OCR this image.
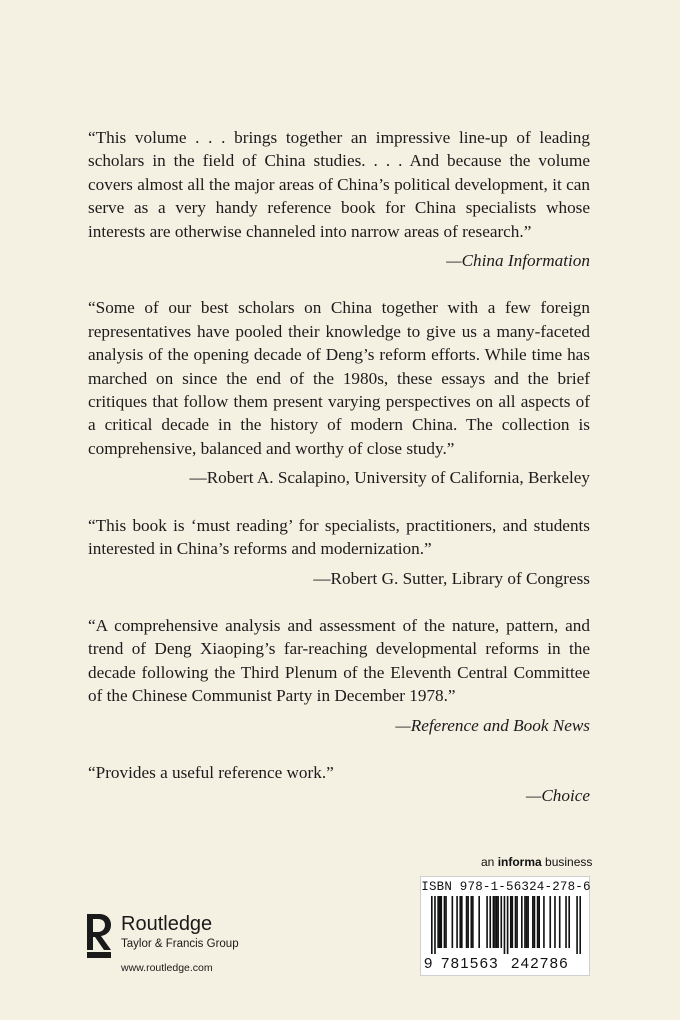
“This volume . . . brings together an impressive line-up of leading scholars in the field of China studies. . . . And because the volume covers almost all the major areas of China’s political development, it can serve as a very handy reference book for China specialists whose interests are otherwise channeled into narrow areas of research.”

—China Information

“Some of our best scholars on China together with a few foreign representatives have pooled their knowledge to give us a many-faceted analysis of the opening decade of Deng’s reform efforts. While time has marched on since the end of the 1980s, these essays and the brief critiques that follow them present varying perspectives on all aspects of a critical decade in the history of modern China. The collection is comprehensive, balanced and worthy of close study.”

—Robert A. Scalapino, University of California, Berkeley

“This book is ‘must reading’ for specialists, practitioners, and students interested in China’s reforms and modernization.”

—Robert G. Sutter, Library of Congress

“A comprehensive analysis and assessment of the nature, pattern, and trend of Deng Xiaoping’s far-reaching developmental reforms in the decade following the Third Plenum of the Eleventh Central Committee of the Chinese Communist Party in December 1978.”

—Reference and Book News

“Provides a useful reference work.”

—Choice

an informa business
ISBN 978-1-56324-278-6
9 781563 242786
Routledge
Taylor & Francis Group
www.routledge.com
